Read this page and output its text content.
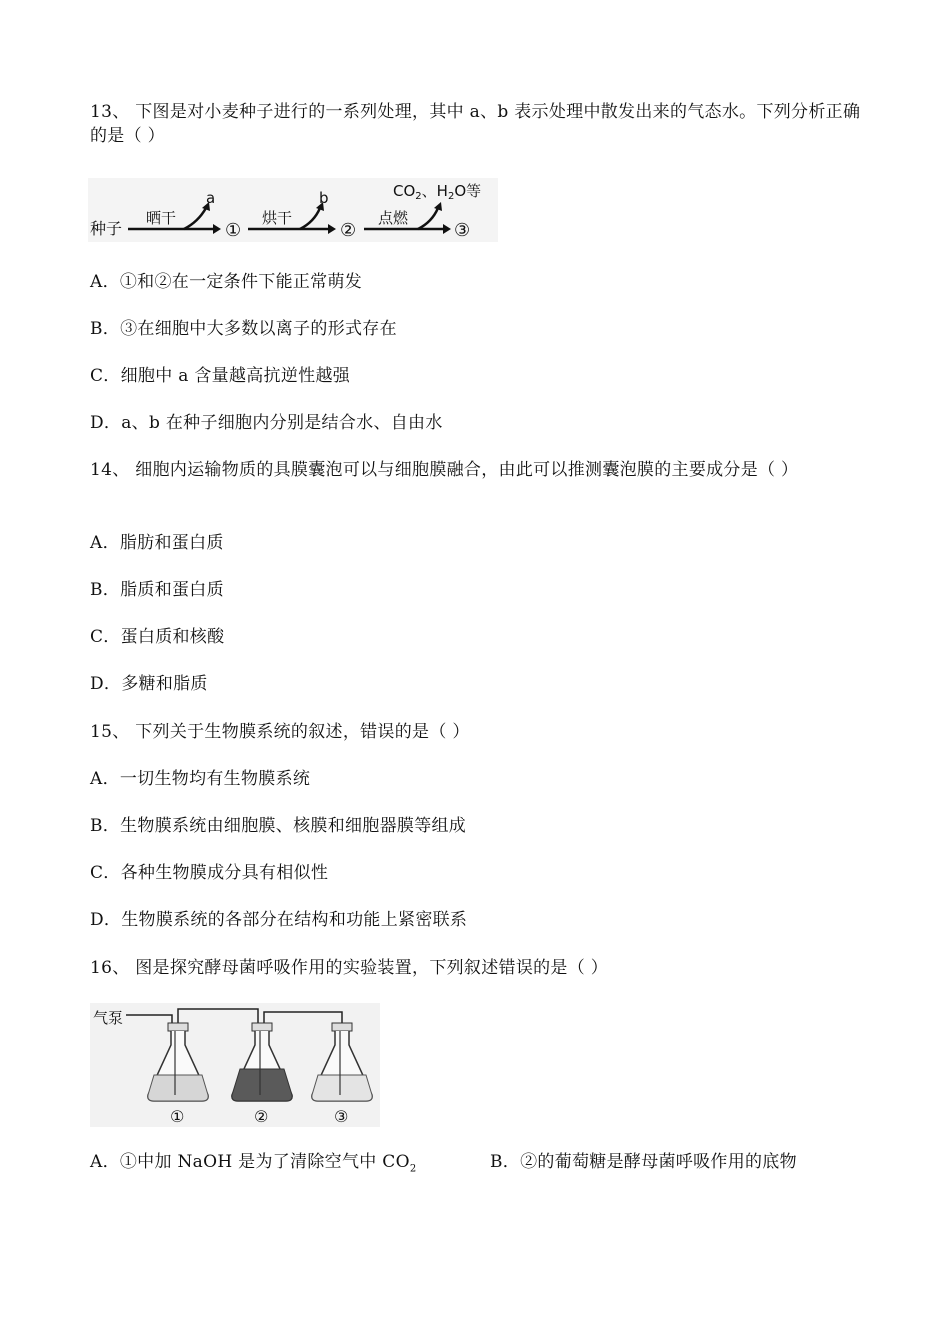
13、 下图是对小麦种子进行的一系列处理，其中 a、b 表示处理中散发出来的气态水。下列分析正确的是（ ）
种子
晒干
a
①
烘干
b
②
点燃
$CO_2$、$H_2O$等
③
A．①和②在一定条件下能正常萌发
B．③在细胞中大多数以离子的形式存在
C．细胞中 a 含量越高抗逆性越强
D．a、b 在种子细胞内分别是结合水、自由水
14、 细胞内运输物质的具膜囊泡可以与细胞膜融合，由此可以推测囊泡膜的主要成分是（ ）
A．脂肪和蛋白质
B．脂质和蛋白质
C．蛋白质和核酸
D．多糖和脂质
15、 下列关于生物膜系统的叙述，错误的是（ ）
A．一切生物均有生物膜系统
B．生物膜系统由细胞膜、核膜和细胞器膜等组成
C．各种生物膜成分具有相似性
D．生物膜系统的各部分在结构和功能上紧密联系
16、 图是探究酵母菌呼吸作用的实验装置，下列叙述错误的是（ ）
气泵
①	②	③
A．①中加 NaOH 是为了清除空气中 $CO_2$	B．②的葡萄糖是酵母菌呼吸作用的底物
